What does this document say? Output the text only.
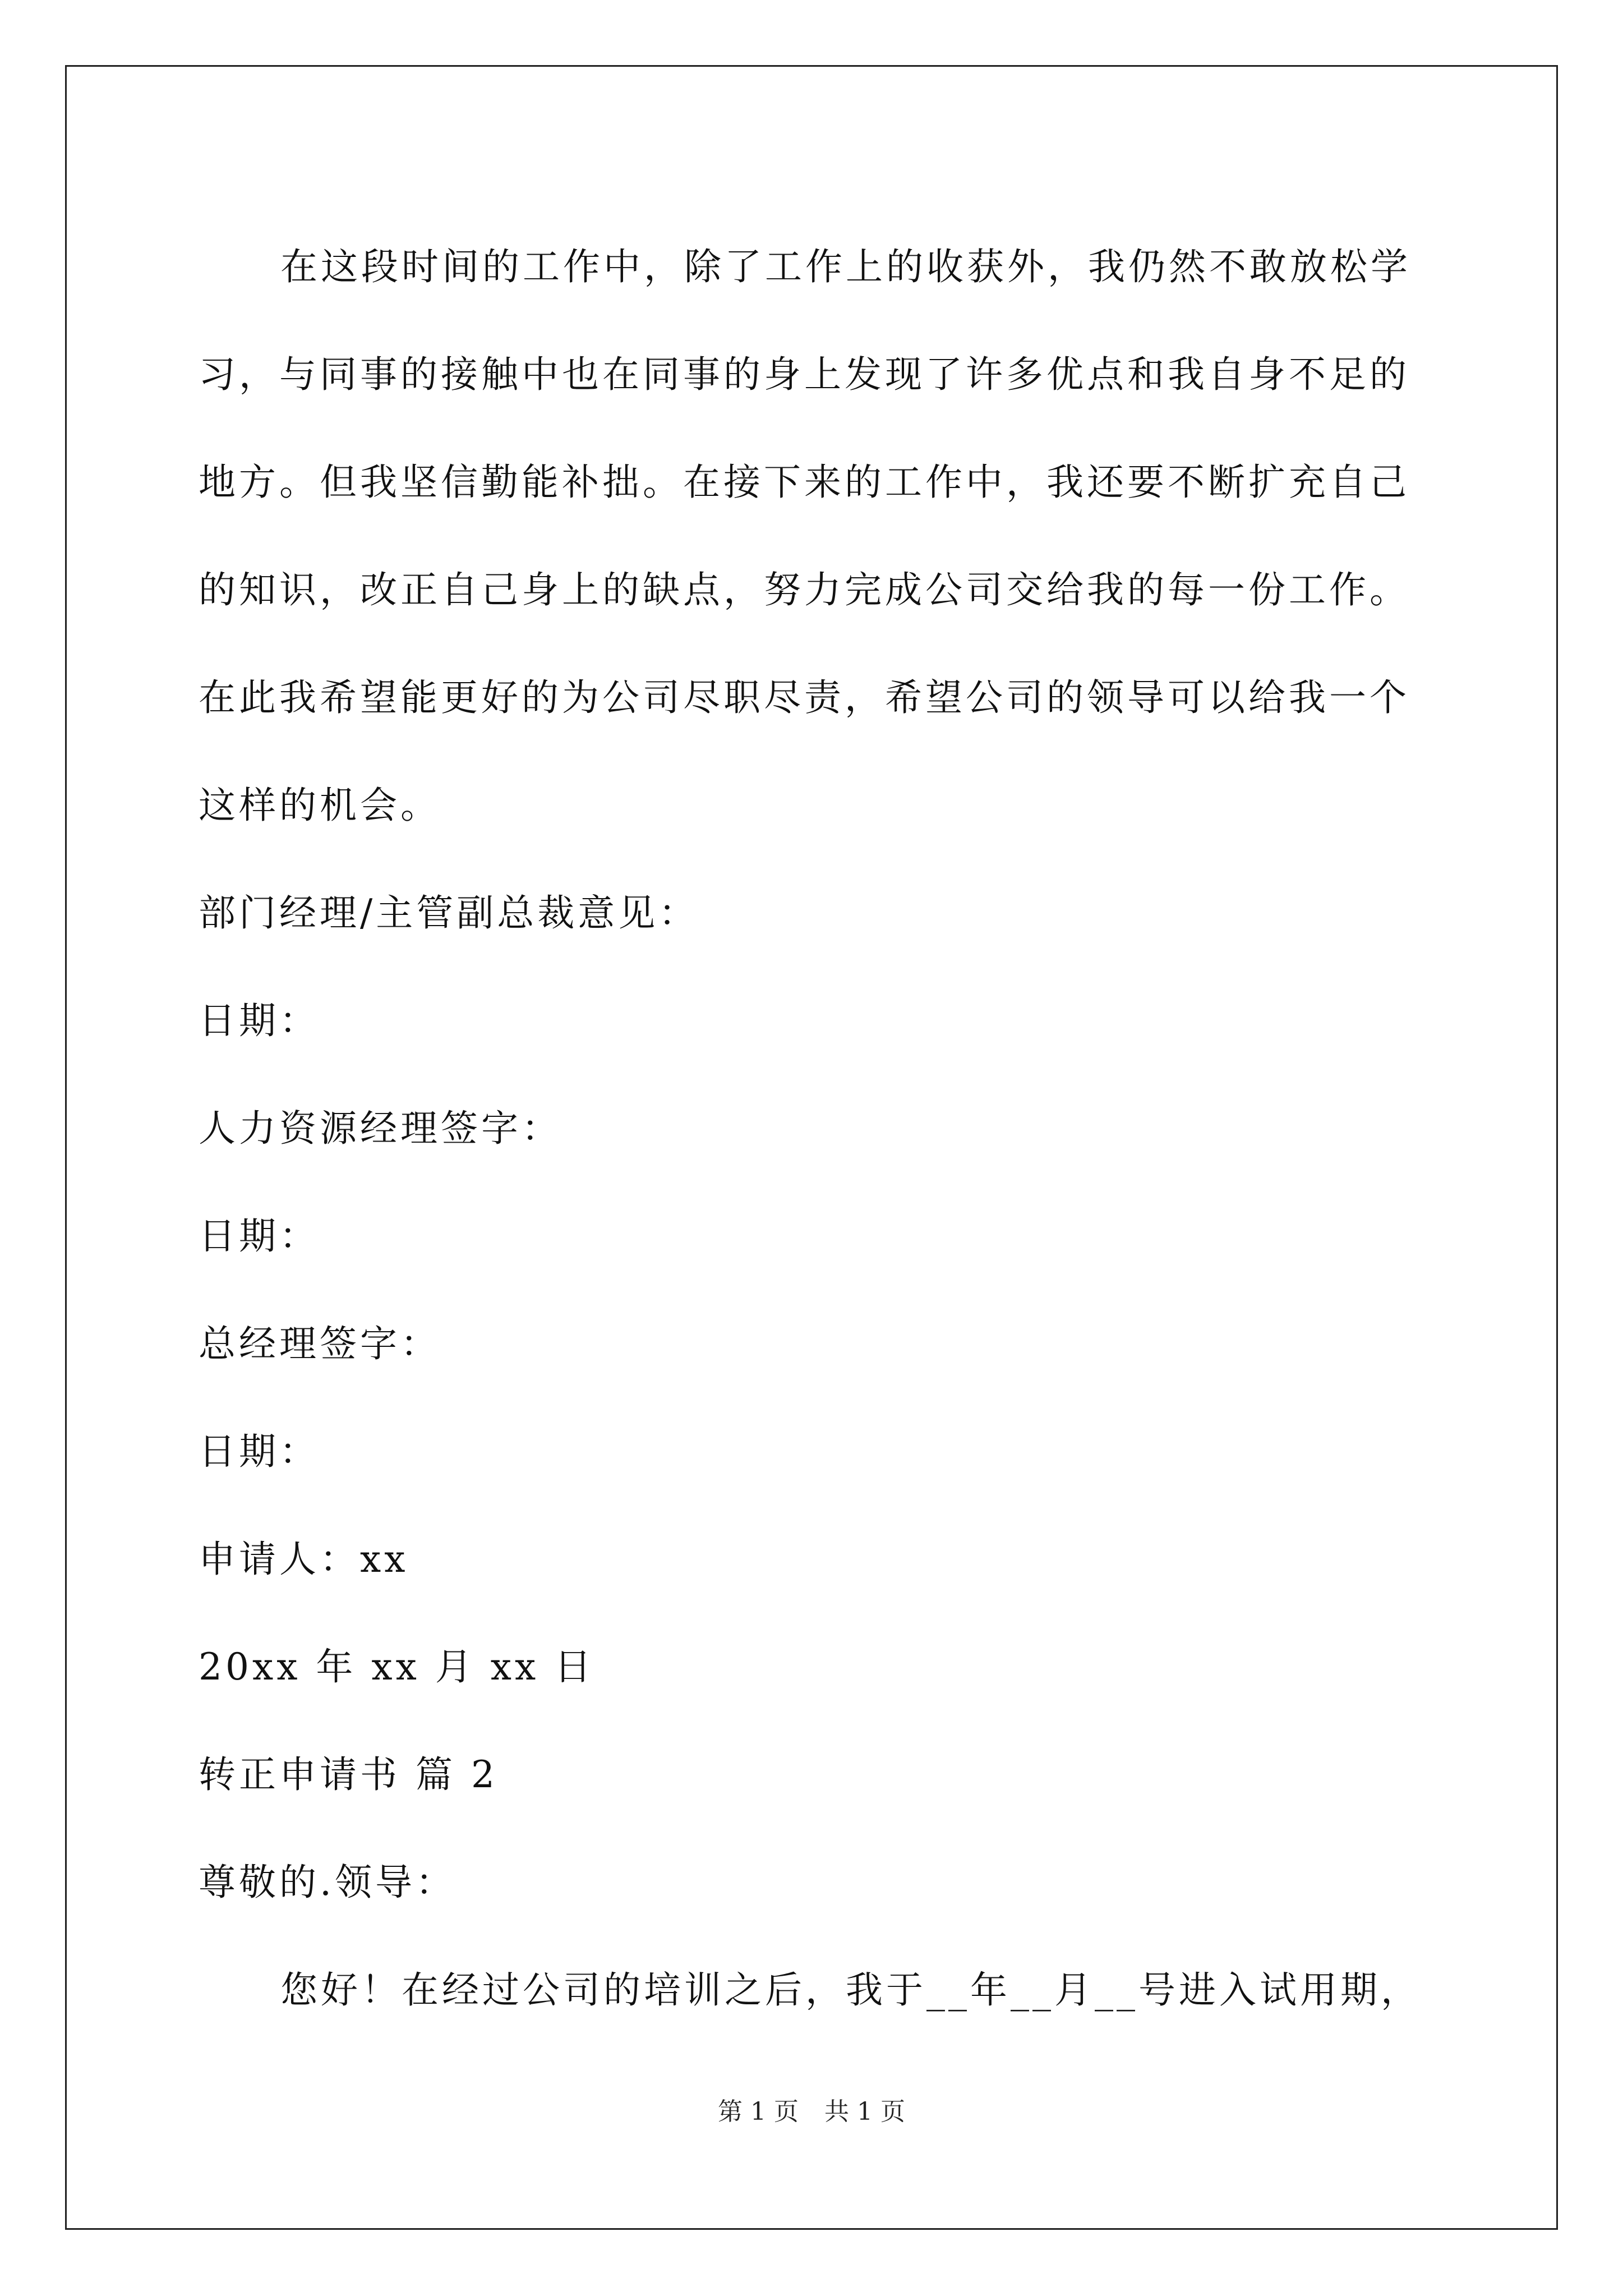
在这段时间的工作中，除了工作上的收获外，我仍然不敢放松学
习，与同事的接触中也在同事的身上发现了许多优点和我自身不足的
地方。但我坚信勤能补拙。在接下来的工作中，我还要不断扩充自己
的知识，改正自己身上的缺点，努力完成公司交给我的每一份工作。
在此我希望能更好的为公司尽职尽责，希望公司的领导可以给我一个
这样的机会。
部门经理/主管副总裁意见：
日期：
人力资源经理签字：
日期：
总经理签字：
日期：
申请人：xx
20xx 年 xx 月 xx 日
转正申请书 篇 2
尊敬的.领导：
您好！在经过公司的培训之后，我于__年__月__号进入试用期，
第 1 页 共 1 页
